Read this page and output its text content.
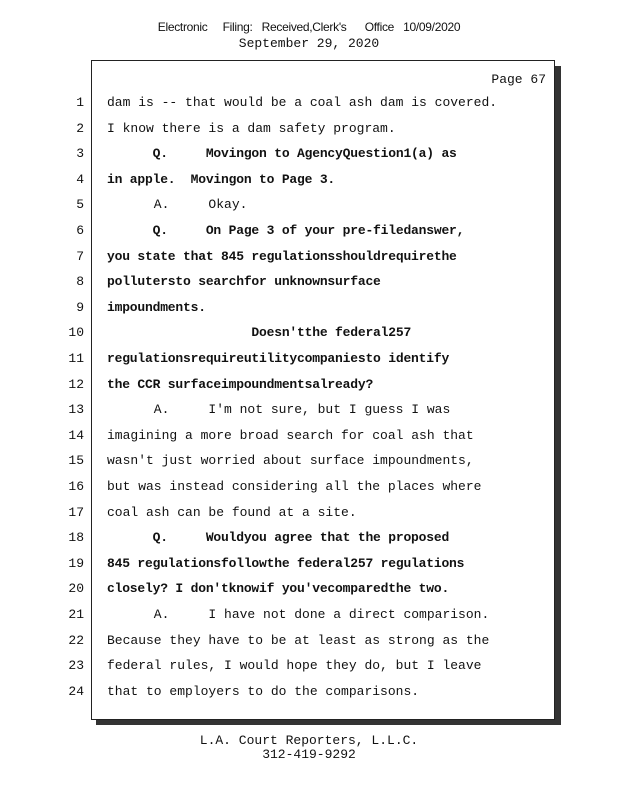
Electronic     Filing:   Received,Clerk's      Office   10/09/2020
September 29, 2020
Page 67
1 dam is -- that would be a coal ash dam is covered.
2 I know there is a dam safety program.
3 Q.     Movingon to AgencyQuestion1(a) as
4 in apple.  Movingon to Page 3.
5 A.     Okay.
6 Q.     On Page 3 of your pre-filedanswer,
7 you state that 845 regulationsshouldrequirethe
8 pollutersto searchfor unknownsurface
9 impoundments.
10 Doesn'tthe federal257
11 regulationsrequireutilitycompaniesto identify
12 the CCR surfaceimpoundmentsalready?
13 A.     I'm not sure, but I guess I was
14 imagining a more broad search for coal ash that
15 wasn't just worried about surface impoundments,
16 but was instead considering all the places where
17 coal ash can be found at a site.
18 Q.     Wouldyou agree that the proposed
19 845 regulationsfollowthe federal257 regulations
20 closely? I don'tknowif you'vecomparedthe two.
21 A.     I have not done a direct comparison.
22 Because they have to be at least as strong as the
23 federal rules, I would hope they do, but I leave
24 that to employers to do the comparisons.
L.A. Court Reporters, L.L.C.
312-419-9292
